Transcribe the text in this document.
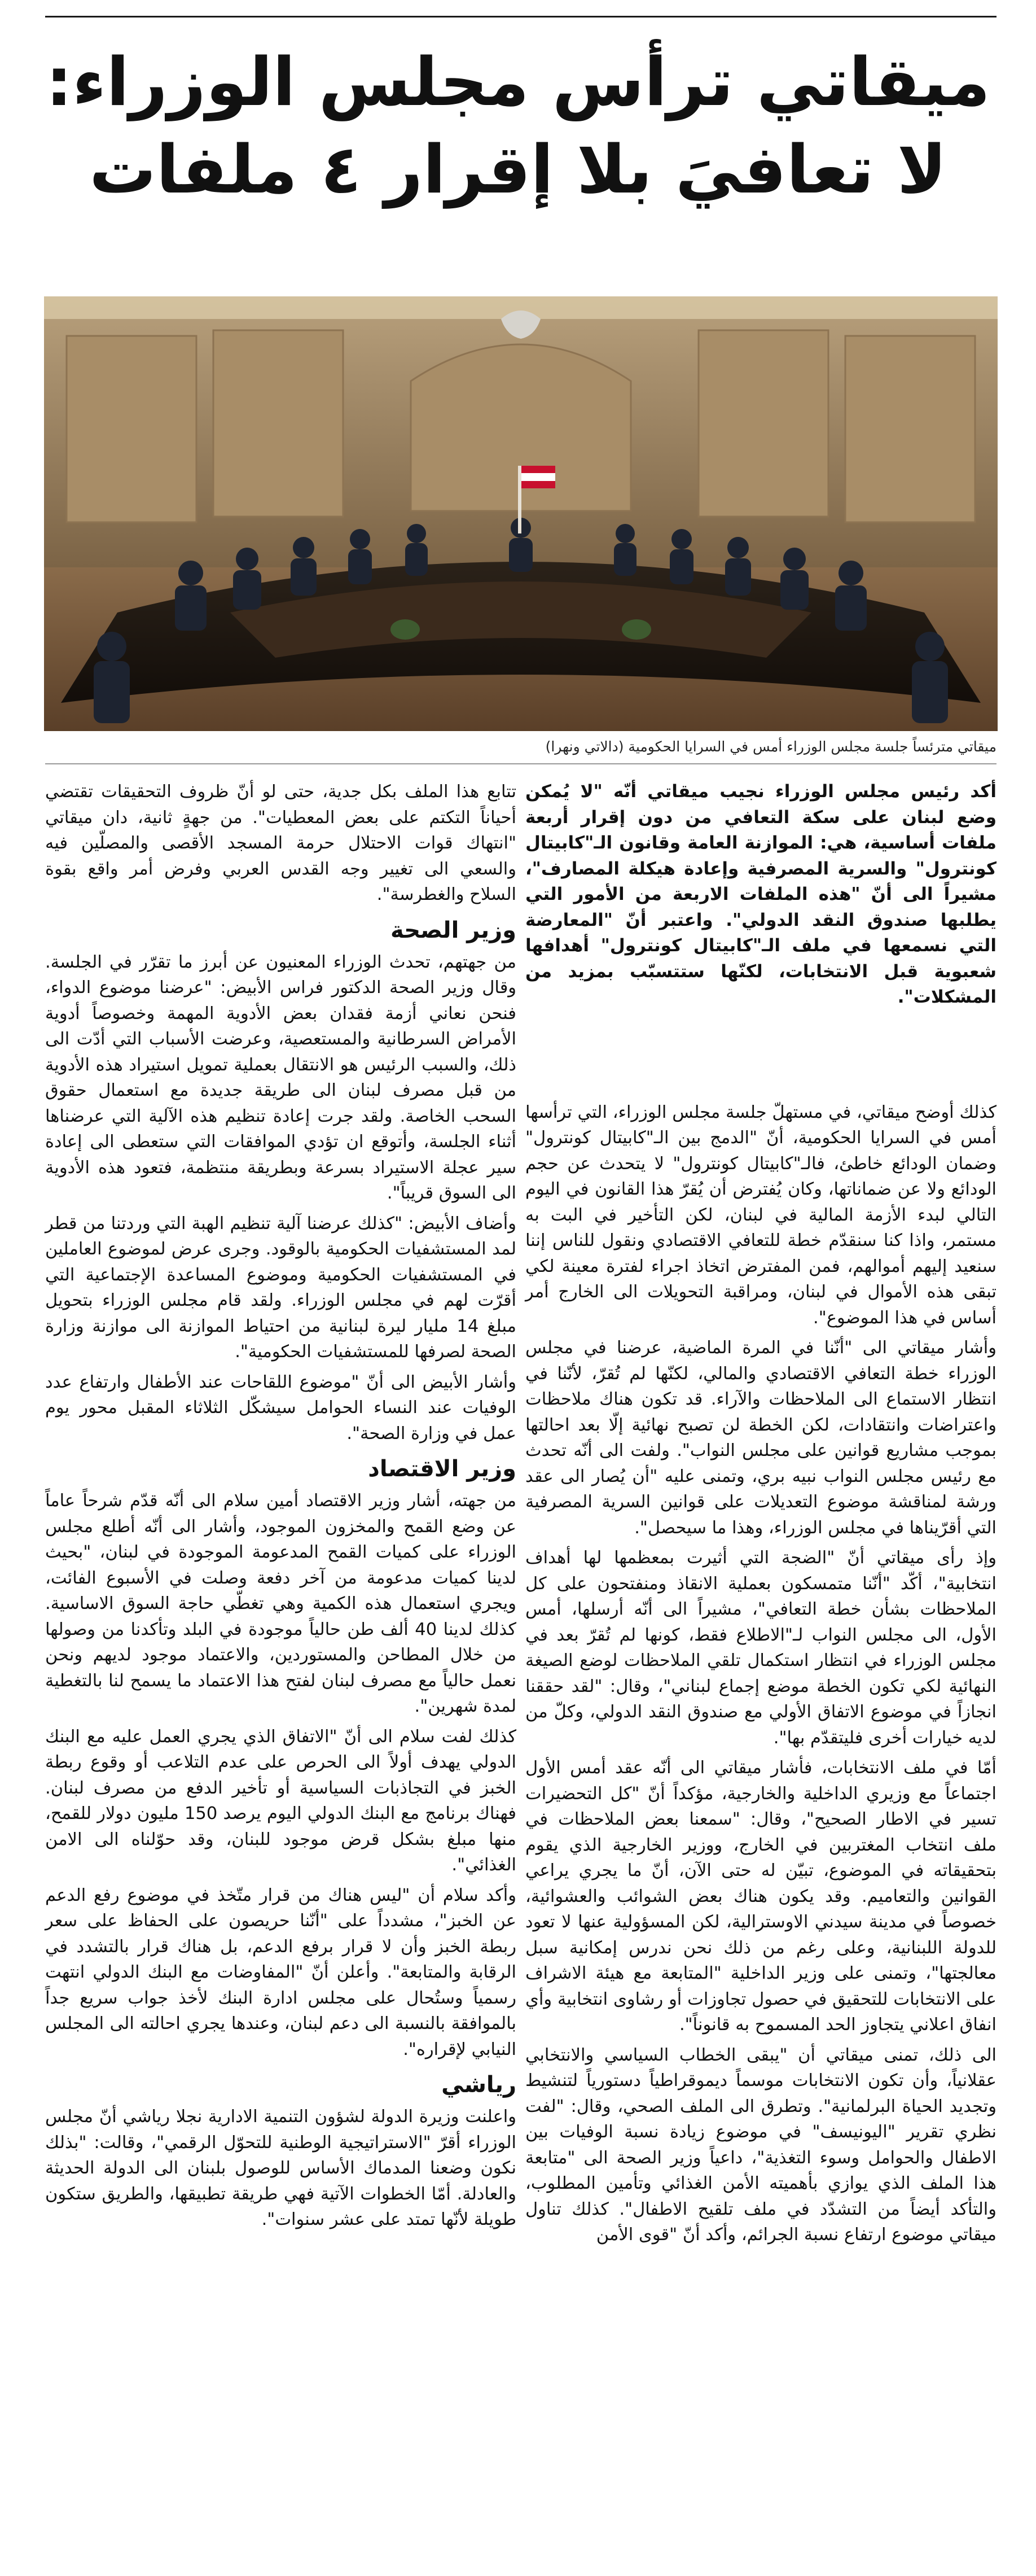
ميقاتي ترأس مجلس الوزراء:
لا تعافيَ بلا إقرار ٤ ملفات
ميقاتي مترئساً جلسة مجلس الوزراء أمس في السرايا الحكومية (دالاتي ونهرا)

أكد رئيس مجلس الوزراء نجيب ميقاتي أنّه "لا يُمكن وضع لبنان على سكة التعافي من دون إقرار أربعة ملفات أساسية، هي: الموازنة العامة وقانون الـ"كابيتال كونترول" والسرية المصرفية وإعادة هيكلة المصارف"، مشيراً الى أنّ "هذه الملفات الاربعة من الأمور التي يطلبها صندوق النقد الدولي". واعتبر أنّ "المعارضة التي نسمعها في ملف الـ"كابيتال كونترول" أهدافها شعبوية قبل الانتخابات، لكنّها ستتسبّب بمزيد من المشكلات".

كذلك أوضح ميقاتي، في مستهلّ جلسة مجلس الوزراء، التي ترأسها أمس في السرايا الحكومية، أنّ "الدمج بين الـ"كابيتال كونترول" وضمان الودائع خاطئ، فالـ"كابيتال كونترول" لا يتحدث عن حجم الودائع ولا عن ضماناتها، وكان يُفترض أن يُقرّ هذا القانون في اليوم التالي لبدء الأزمة المالية في لبنان، لكن التأخير في البت به مستمر، واذا كنا سنقدّم خطة للتعافي الاقتصادي ونقول للناس إننا سنعيد إليهم أموالهم، فمن المفترض اتخاذ اجراء لفترة معينة لكي تبقى هذه الأموال في لبنان، ومراقبة التحويلات الى الخارج أمر أساس في هذا الموضوع".

وأشار ميقاتي الى "أنّنا في المرة الماضية، عرضنا في مجلس الوزراء خطة التعافي الاقتصادي والمالي، لكنّها لم تُقرّ، لأنّنا في انتظار الاستماع الى الملاحظات والآراء. قد تكون هناك ملاحظات واعتراضات وانتقادات، لكن الخطة لن تصبح نهائية إلّا بعد احالتها بموجب مشاريع قوانين على مجلس النواب". ولفت الى أنّه تحدث مع رئيس مجلس النواب نبيه بري، وتمنى عليه "أن يُصار الى عقد ورشة لمناقشة موضوع التعديلات على قوانين السرية المصرفية التي أقرّيناها في مجلس الوزراء، وهذا ما سيحصل".

وإذ رأى ميقاتي أنّ "الضجة التي أثيرت بمعظمها لها أهداف انتخابية"، أكّد "أنّنا متمسكون بعملية الانقاذ ومنفتحون على كل الملاحظات بشأن خطة التعافي"، مشيراً الى أنّه أرسلها، أمس الأول، الى مجلس النواب لـ"الاطلاع فقط، كونها لم تُقرّ بعد في مجلس الوزراء في انتظار استكمال تلقي الملاحظات لوضع الصيغة النهائية لكي تكون الخطة موضع إجماع لبناني"، وقال: "لقد حققنا انجازاً في موضوع الاتفاق الأولي مع صندوق النقد الدولي، وكلّ من لديه خيارات أخرى فليتقدّم بها".

أمّا في ملف الانتخابات، فأشار ميقاتي الى أنّه عقد أمس الأول اجتماعاً مع وزيري الداخلية والخارجية، مؤكداً أنّ "كل التحضيرات تسير في الاطار الصحيح"، وقال: "سمعنا بعض الملاحظات في ملف انتخاب المغتربين في الخارج، ووزير الخارجية الذي يقوم بتحقيقاته في الموضوع، تبيّن له حتى الآن، أنّ ما يجري يراعي القوانين والتعاميم. وقد يكون هناك بعض الشوائب والعشوائية، خصوصاً في مدينة سيدني الاوسترالية، لكن المسؤولية عنها لا تعود للدولة اللبنانية، وعلى رغم من ذلك نحن ندرس إمكانية سبل معالجتها"، وتمنى على وزير الداخلية "المتابعة مع هيئة الاشراف على الانتخابات للتحقيق في حصول تجاوزات أو رشاوى انتخابية وأي انفاق اعلاني يتجاوز الحد المسموح به قانوناً".

الى ذلك، تمنى ميقاتي أن "يبقى الخطاب السياسي والانتخابي عقلانياً، وأن تكون الانتخابات موسماً ديموقراطياً دستورياً لتنشيط وتجديد الحياة البرلمانية". وتطرق الى الملف الصحي، وقال: "لفت نظري تقرير "اليونيسف" في موضوع زيادة نسبة الوفيات بين الاطفال والحوامل وسوء التغذية"، داعياً وزير الصحة الى "متابعة هذا الملف الذي يوازي بأهميته الأمن الغذائي وتأمين المطلوب، والتأكد أيضاً من التشدّد في ملف تلقيح الاطفال". كذلك تناول ميقاتي موضوع ارتفاع نسبة الجرائم، وأكد أنّ "قوى الأمن

تتابع هذا الملف بكل جدية، حتى لو أنّ ظروف التحقيقات تقتضي أحياناً التكتم على بعض المعطيات". من جهةٍ ثانية، دان ميقاتي "انتهاك قوات الاحتلال حرمة المسجد الأقصى والمصلّين فيه والسعي الى تغيير وجه القدس العربي وفرض أمر واقع بقوة السلاح والغطرسة".

وزير الصحة

من جهتهم، تحدث الوزراء المعنيون عن أبرز ما تقرّر في الجلسة. وقال وزير الصحة الدكتور فراس الأبيض: "عرضنا موضوع الدواء، فنحن نعاني أزمة فقدان بعض الأدوية المهمة وخصوصاً أدوية الأمراض السرطانية والمستعصية، وعرضت الأسباب التي أدّت الى ذلك، والسبب الرئيس هو الانتقال بعملية تمويل استيراد هذه الأدوية من قبل مصرف لبنان الى طريقة جديدة مع استعمال حقوق السحب الخاصة. ولقد جرت إعادة تنظيم هذه الآلية التي عرضناها أثناء الجلسة، وأتوقع ان تؤدي الموافقات التي ستعطى الى إعادة سير عجلة الاستيراد بسرعة وبطريقة منتظمة، فتعود هذه الأدوية الى السوق قريباً".

وأضاف الأبيض: "كذلك عرضنا آلية تنظيم الهبة التي وردتنا من قطر لمد المستشفيات الحكومية بالوقود. وجرى عرض لموضوع العاملين في المستشفيات الحكومية وموضوع المساعدة الإجتماعية التي أقرّت لهم في مجلس الوزراء. ولقد قام مجلس الوزراء بتحويل مبلغ 14 مليار ليرة لبنانية من احتياط الموازنة الى موازنة وزارة الصحة لصرفها للمستشفيات الحكومية".

وأشار الأبيض الى أنّ "موضوع اللقاحات عند الأطفال وارتفاع عدد الوفيات عند النساء الحوامل سيشكّل الثلاثاء المقبل محور يوم عمل في وزارة الصحة".

وزير الاقتصاد

من جهته، أشار وزير الاقتصاد أمين سلام الى أنّه قدّم شرحاً عاماً عن وضع القمح والمخزون الموجود، وأشار الى أنّه أطلع مجلس الوزراء على كميات القمح المدعومة الموجودة في لبنان، "بحيث لدينا كميات مدعومة من آخر دفعة وصلت في الأسبوع الفائت، ويجري استعمال هذه الكمية وهي تغطّي حاجة السوق الاساسية. كذلك لدينا 40 ألف طن حالياً موجودة في البلد وتأكدنا من وصولها من خلال المطاحن والمستوردين، والاعتماد موجود لديهم ونحن نعمل حالياً مع مصرف لبنان لفتح هذا الاعتماد ما يسمح لنا بالتغطية لمدة شهرين".

كذلك لفت سلام الى أنّ "الاتفاق الذي يجري العمل عليه مع البنك الدولي يهدف أولاً الى الحرص على عدم التلاعب أو وقوع ربطة الخبز في التجاذبات السياسية أو تأخير الدفع من مصرف لبنان. فهناك برنامج مع البنك الدولي اليوم يرصد 150 مليون دولار للقمح، منها مبلغ بشكل قرض موجود للبنان، وقد حوّلناه الى الامن الغذائي".

وأكد سلام أن "ليس هناك من قرار متّخذ في موضوع رفع الدعم عن الخبز"، مشدداً على "أنّنا حريصون على الحفاظ على سعر ربطة الخبز وأن لا قرار برفع الدعم، بل هناك قرار بالتشدد في الرقابة والمتابعة". وأعلن أنّ "المفاوضات مع البنك الدولي انتهت رسمياً وستُحال على مجلس ادارة البنك لأخذ جواب سريع جداً بالموافقة بالنسبة الى دعم لبنان، وعندها يجري احالته الى المجلس النيابي لإقراره".

رياشي

واعلنت وزيرة الدولة لشؤون التنمية الادارية نجلا رياشي أنّ مجلس الوزراء أقرّ "الاستراتيجية الوطنية للتحوّل الرقمي"، وقالت: "بذلك نكون وضعنا المدماك الأساس للوصول بلبنان الى الدولة الحديثة والعادلة. أمّا الخطوات الآتية فهي طريقة تطبيقها، والطريق ستكون طويلة لأنّها تمتد على عشر سنوات".
